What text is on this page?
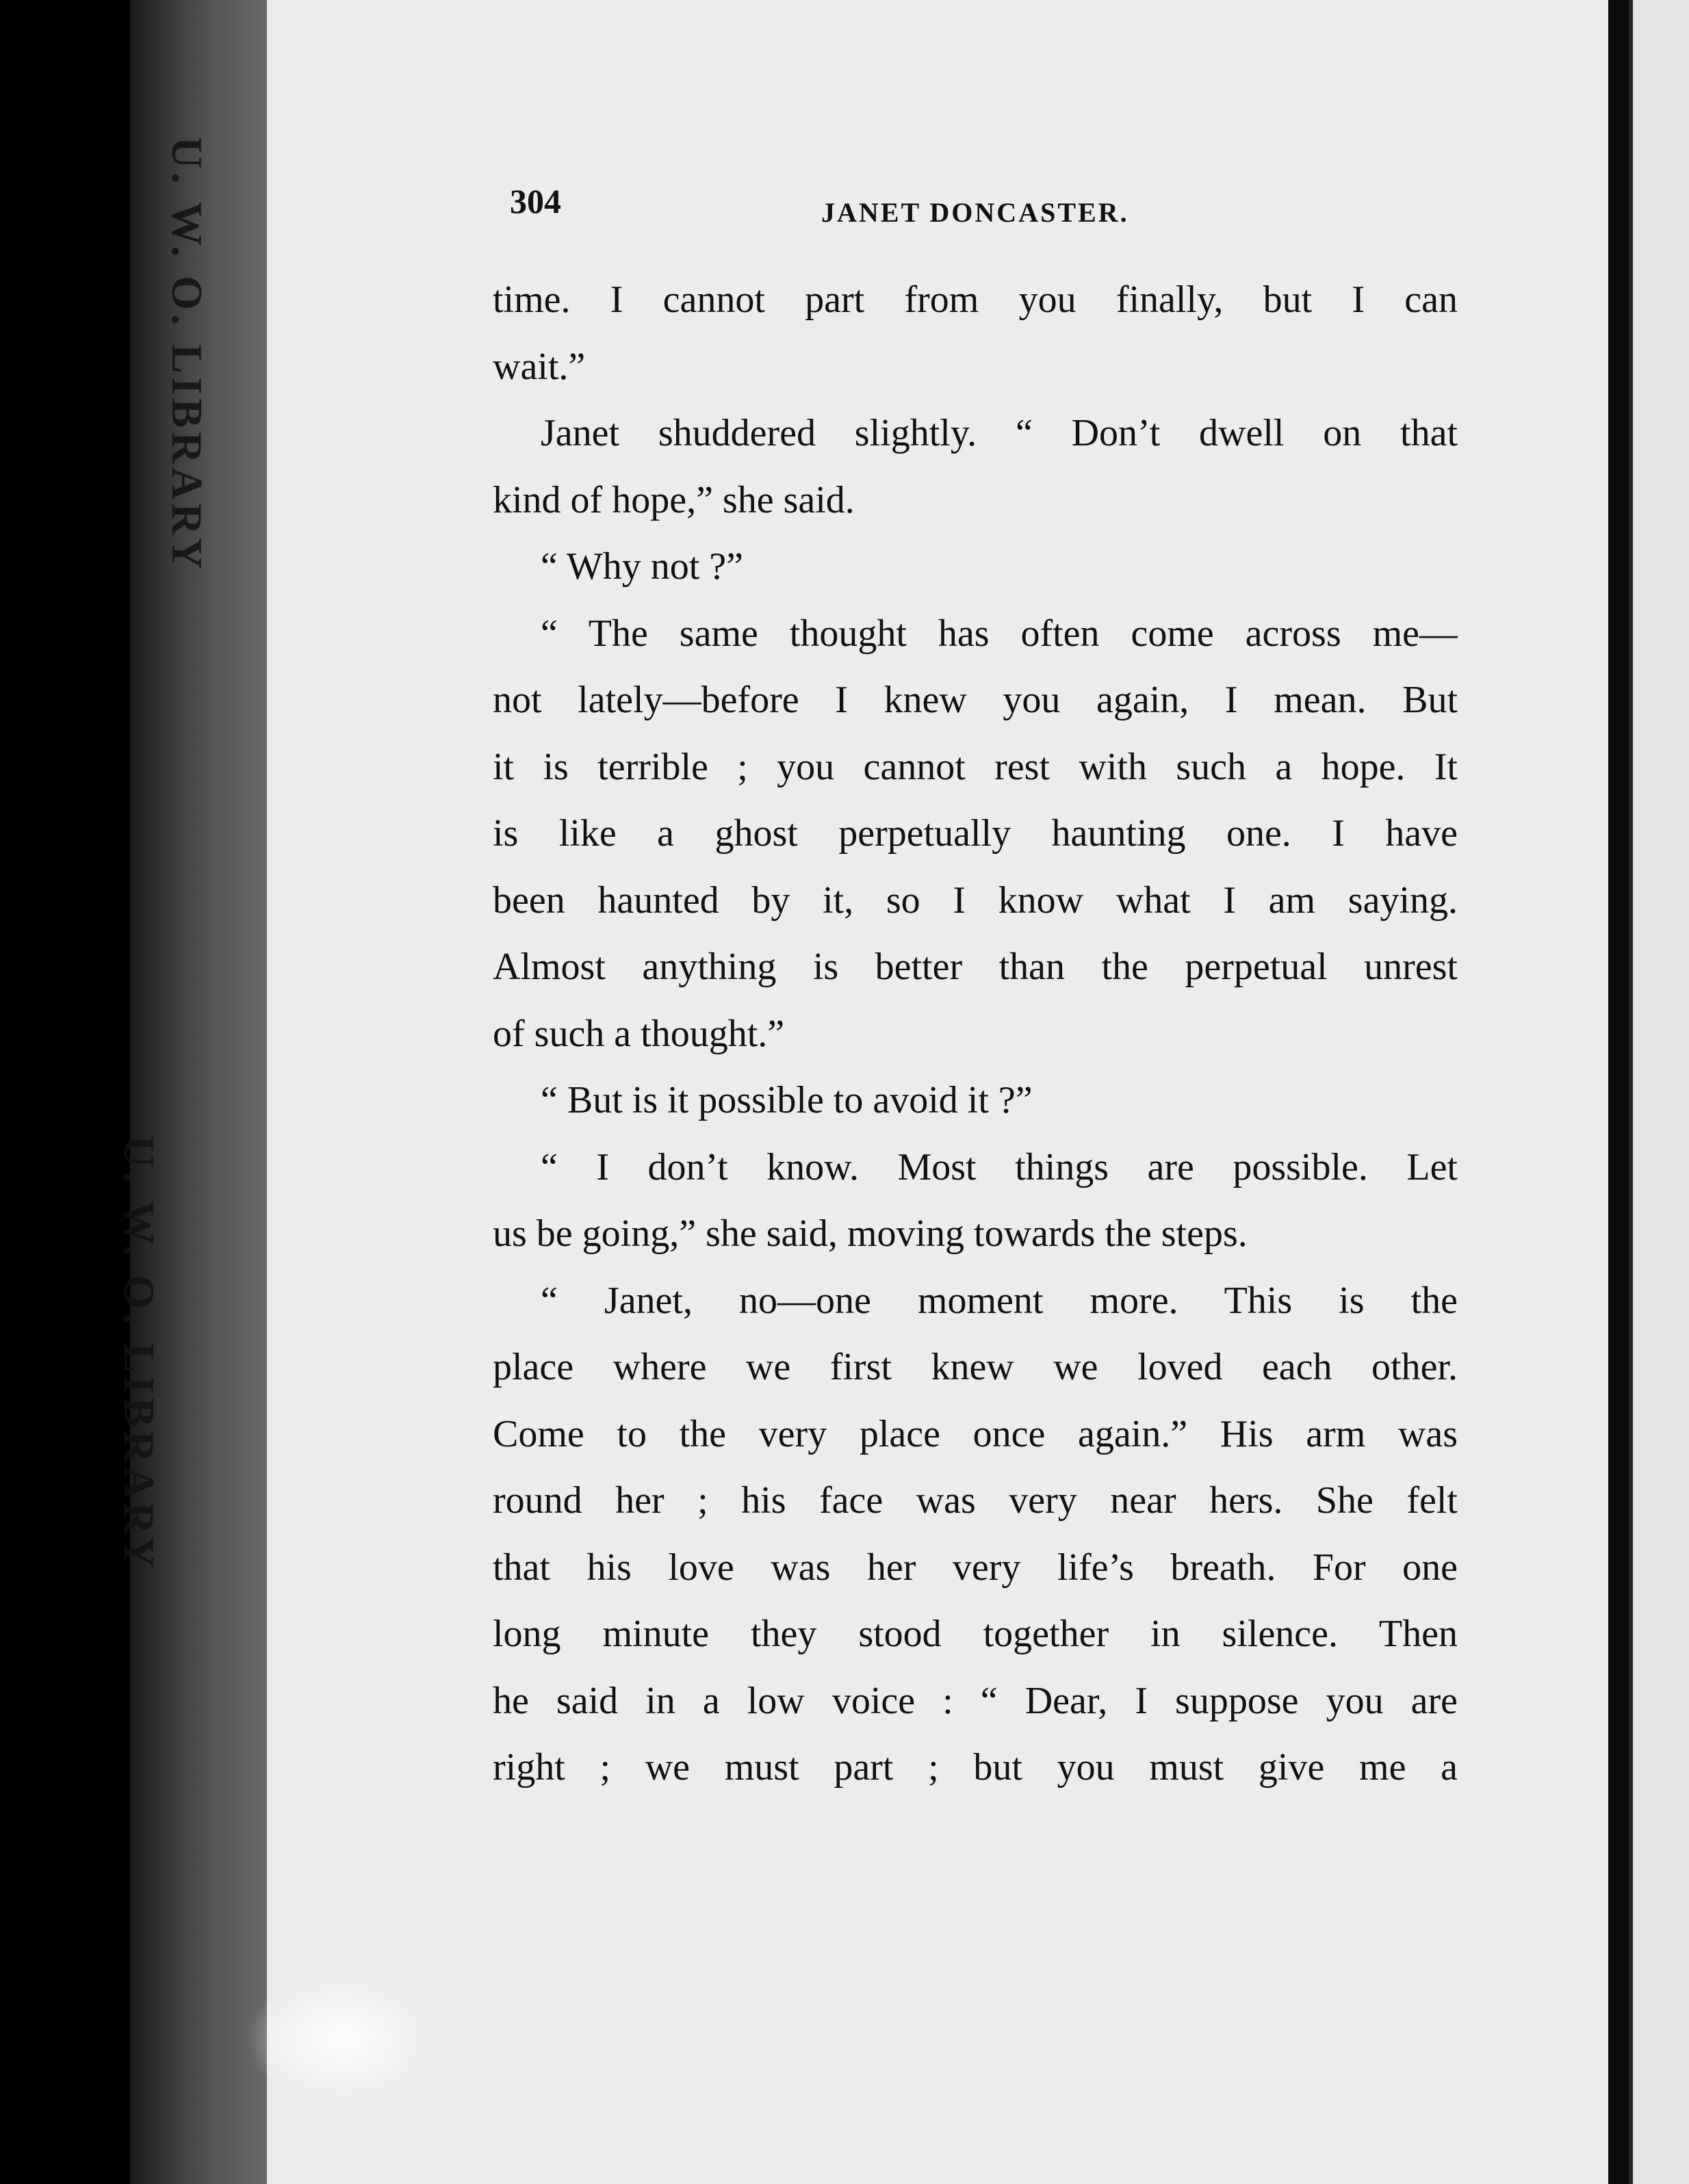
U. W. O. LIBRARY
U. W. O. LIBRARY
304	JANET DONCASTER.
time. I cannot part from you finally, but I can
wait.”
Janet shuddered slightly. “ Don’t dwell on that
kind of hope,” she said.
“ Why not ?”
“ The same thought has often come across me—
not lately—before I knew you again, I mean. But
it is terrible ; you cannot rest with such a hope. It
is like a ghost perpetually haunting one. I have
been haunted by it, so I know what I am saying.
Almost anything is better than the perpetual unrest
of such a thought.”
“ But is it possible to avoid it ?”
“ I don’t know. Most things are possible. Let
us be going,” she said, moving towards the steps.
“ Janet, no—one moment more. This is the
place where we first knew we loved each other.
Come to the very place once again.” His arm was
round her ; his face was very near hers. She felt
that his love was her very life’s breath. For one
long minute they stood together in silence. Then
he said in a low voice : “ Dear, I suppose you are
right ; we must part ; but you must give me a
